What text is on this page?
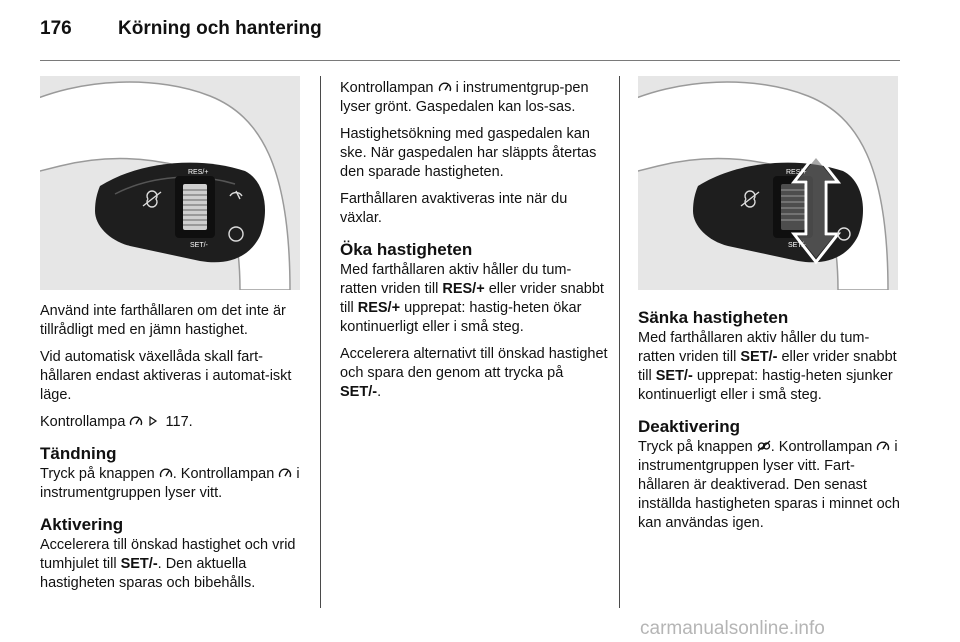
176 Körning och hantering
RES/+
SET/-
RES/+
SET/-

Använd inte farthållaren om det inte är tillrådligt med en jämn hastighet.

Vid automatisk växellåda skall fart-hållaren endast aktiveras i automat-iskt läge.

Kontrollampa
	117.

Tändning

Tryck på knappen . Kontrollampan i instrumentgruppen lyser vitt.

Aktivering

Accelerera till önskad hastighet och vrid tumhjulet till SET/-. Den aktuella hastigheten sparas och bibehålls.

Kontrollampan i instrumentgrup-pen lyser grönt. Gaspedalen kan los-sas.

Hastighetsökning med gaspedalen kan ske. När gaspedalen har släppts återtas den sparade hastigheten.

Farthållaren avaktiveras inte när du växlar.

Öka hastigheten

Med farthållaren aktiv håller du tum-ratten vriden till RES/+ eller vrider snabbt till RES/+ upprepat: hastig-heten ökar kontinuerligt eller i små steg.

Accelerera alternativt till önskad hastighet och spara den genom att trycka på SET/-.

Sänka hastigheten

Med farthållaren aktiv håller du tum-ratten vriden till SET/- eller vrider snabbt till SET/- upprepat: hastig-heten sjunker kontinuerligt eller i små steg.

Deaktivering

Tryck på knappen . Kontrollampan i instrumentgruppen lyser vitt. Fart-hållaren är deaktiverad. Den senast inställda hastigheten sparas i minnet och kan användas igen.

carmanualsonline.info
